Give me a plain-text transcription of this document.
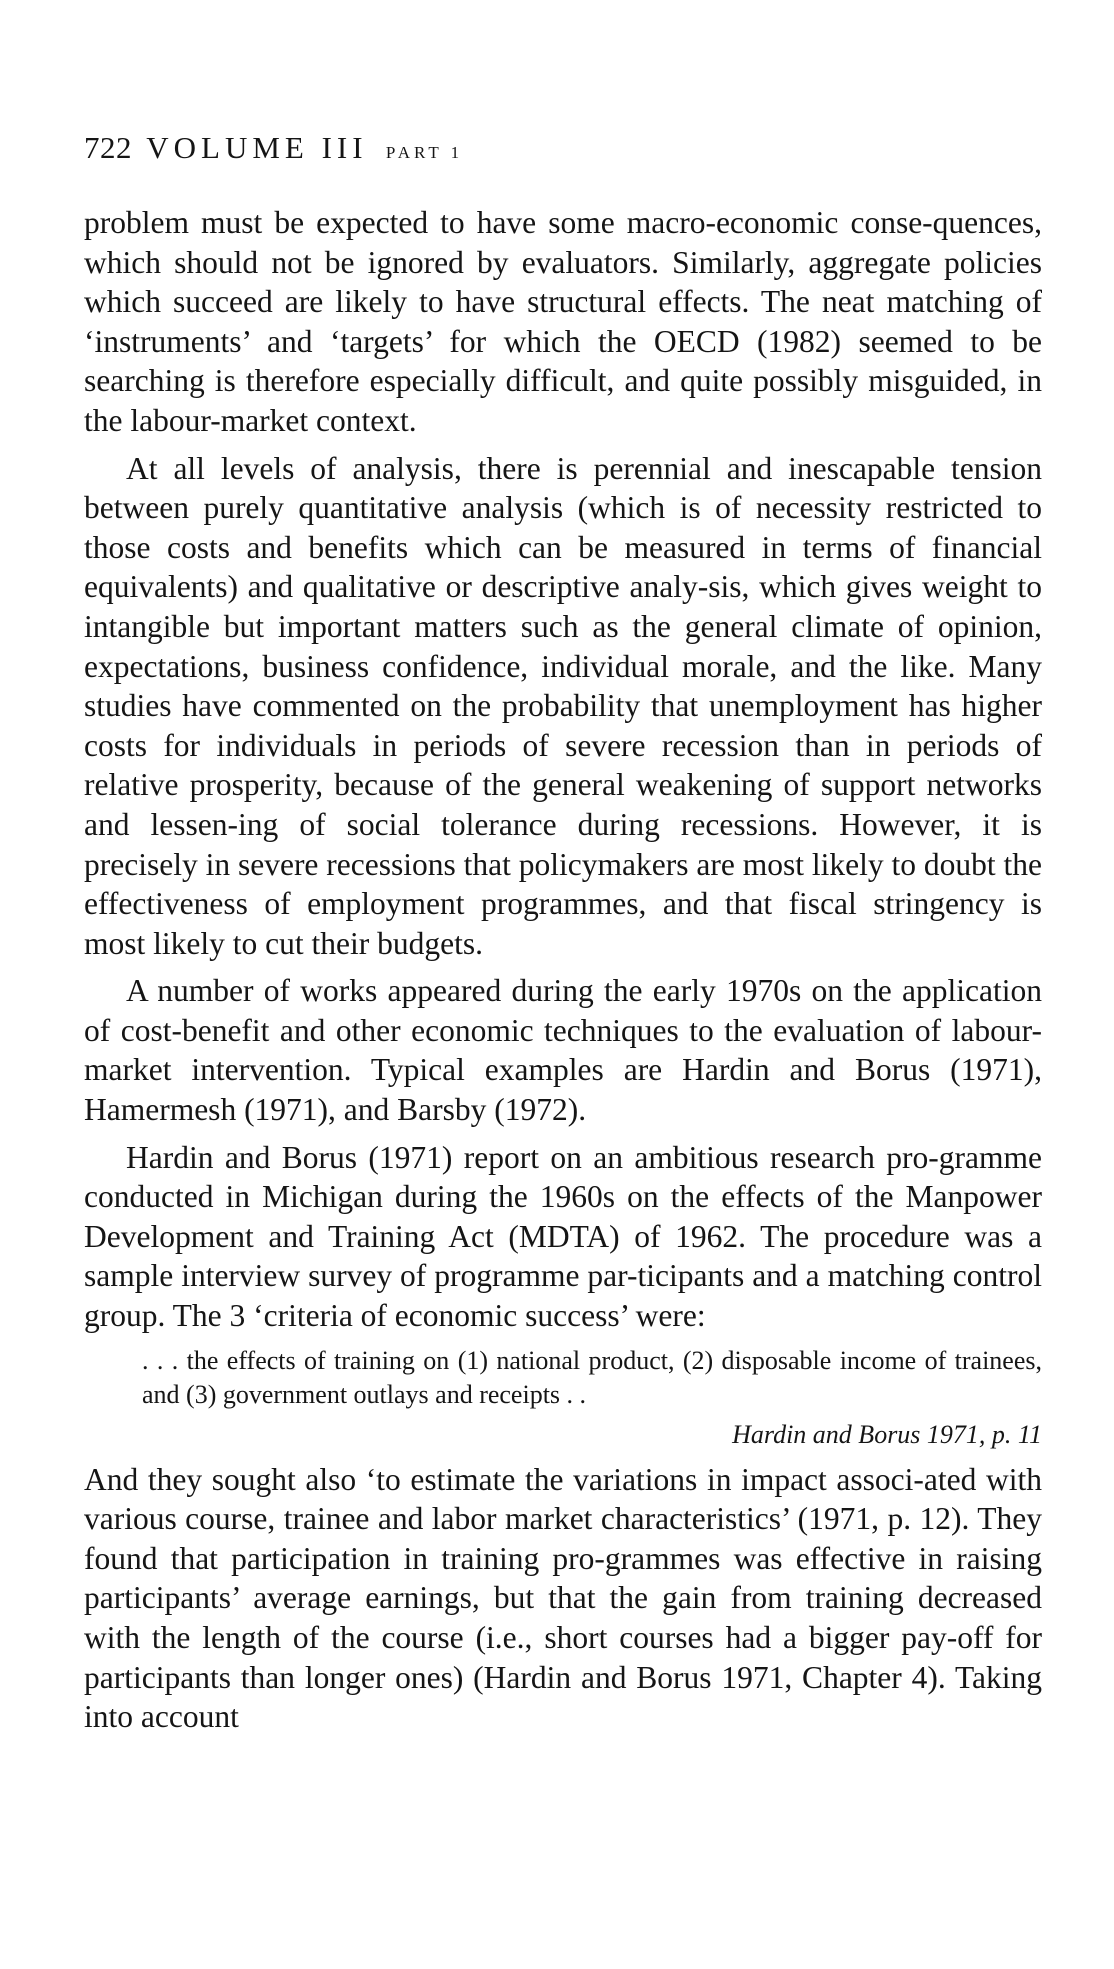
722 VOLUME III PART 1

problem must be expected to have some macro-economic conse-quences, which should not be ignored by evaluators. Similarly, aggregate policies which succeed are likely to have structural effects. The neat matching of ‘instruments’ and ‘targets’ for which the OECD (1982) seemed to be searching is therefore especially difficult, and quite possibly misguided, in the labour-market context.

At all levels of analysis, there is perennial and inescapable tension between purely quantitative analysis (which is of necessity restricted to those costs and benefits which can be measured in terms of financial equivalents) and qualitative or descriptive analy-sis, which gives weight to intangible but important matters such as the general climate of opinion, expectations, business confidence, individual morale, and the like. Many studies have commented on the probability that unemployment has higher costs for individuals in periods of severe recession than in periods of relative prosperity, because of the general weakening of support networks and lessen-ing of social tolerance during recessions. However, it is precisely in severe recessions that policymakers are most likely to doubt the effectiveness of employment programmes, and that fiscal stringency is most likely to cut their budgets.

A number of works appeared during the early 1970s on the application of cost-benefit and other economic techniques to the evaluation of labour-market intervention. Typical examples are Hardin and Borus (1971), Hamermesh (1971), and Barsby (1972).

Hardin and Borus (1971) report on an ambitious research pro-gramme conducted in Michigan during the 1960s on the effects of the Manpower Development and Training Act (MDTA) of 1962. The procedure was a sample interview survey of programme par-ticipants and a matching control group. The 3 ‘criteria of economic success’ were:

. . . the effects of training on (1) national product, (2) disposable income of trainees, and (3) government outlays and receipts . .
Hardin and Borus 1971, p. 11

And they sought also ‘to estimate the variations in impact associ-ated with various course, trainee and labor market characteristics’ (1971, p. 12). They found that participation in training pro-grammes was effective in raising participants’ average earnings, but that the gain from training decreased with the length of the course (i.e., short courses had a bigger pay-off for participants than longer ones) (Hardin and Borus 1971, Chapter 4). Taking into account
